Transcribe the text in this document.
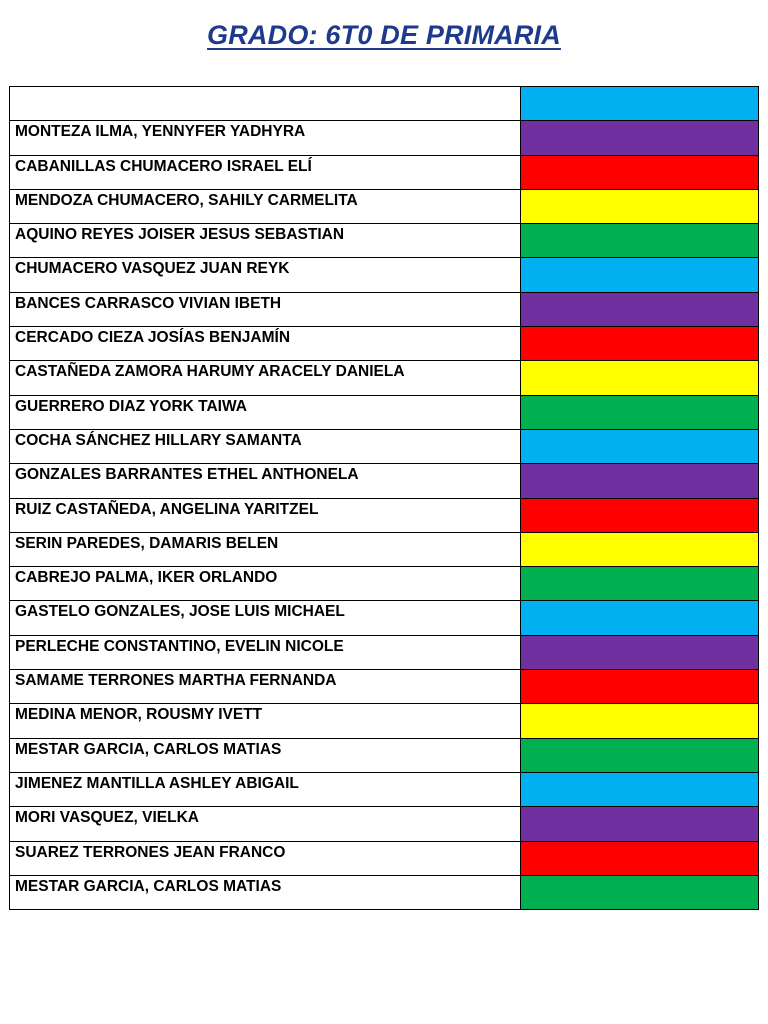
GRADO: 6T0 DE PRIMARIA

MONTEZA ILMA, YENNYFER YADHYRA	
CABANILLAS CHUMACERO ISRAEL ELÍ	
MENDOZA CHUMACERO, SAHILY CARMELITA	
AQUINO REYES JOISER JESUS SEBASTIAN	
CHUMACERO VASQUEZ JUAN REYK	
BANCES CARRASCO VIVIAN IBETH	
CERCADO CIEZA JOSÍAS BENJAMÍN	
CASTAÑEDA ZAMORA HARUMY ARACELY DANIELA	
GUERRERO DIAZ YORK TAIWA	
COCHA SÁNCHEZ HILLARY SAMANTA	
GONZALES BARRANTES ETHEL ANTHONELA	
RUIZ CASTAÑEDA, ANGELINA YARITZEL	
SERIN PAREDES, DAMARIS BELEN	
CABREJO PALMA, IKER ORLANDO	
GASTELO GONZALES, JOSE LUIS MICHAEL	
PERLECHE CONSTANTINO, EVELIN NICOLE	
SAMAME TERRONES MARTHA FERNANDA	
MEDINA MENOR, ROUSMY IVETT	
MESTAR GARCIA, CARLOS MATIAS	
JIMENEZ MANTILLA ASHLEY ABIGAIL	
MORI VASQUEZ, VIELKA	
SUAREZ TERRONES JEAN FRANCO	
MESTAR GARCIA, CARLOS MATIAS	
